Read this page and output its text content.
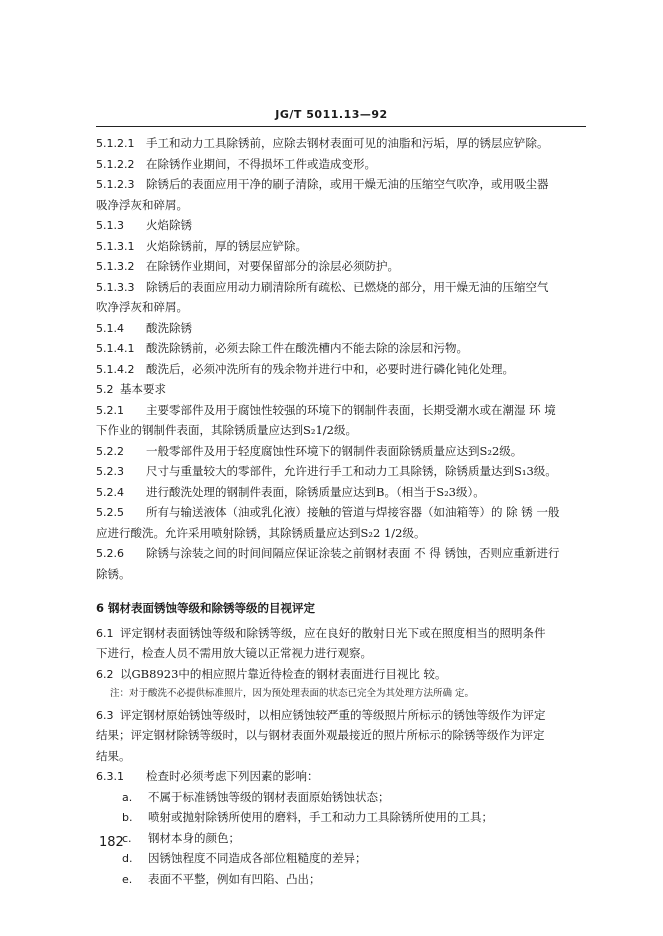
JG/T 5011.13—92
5.1.2.1 手工和动力工具除锈前，应除去钢材表面可见的油脂和污垢，厚的锈层应铲除。
5.1.2.2 在除锈作业期间，不得损坏工件或造成变形。
5.1.2.3 除锈后的表面应用干净的刷子清除，或用干燥无油的压缩空气吹净，或用吸尘器
吸净浮灰和碎屑。
5.1.3 火焰除锈
5.1.3.1 火焰除锈前，厚的锈层应铲除。
5.1.3.2 在除锈作业期间，对要保留部分的涂层必须防护。
5.1.3.3 除锈后的表面应用动力刷清除所有疏松、已燃烧的部分，用干燥无油的压缩空气
吹净浮灰和碎屑。
5.1.4 酸洗除锈
5.1.4.1 酸洗除锈前，必须去除工件在酸洗槽内不能去除的涂层和污物。
5.1.4.2 酸洗后，必须冲洗所有的残余物并进行中和，必要时进行磷化钝化处理。
5.2 基本要求
5.2.1 主要零部件及用于腐蚀性较强的环境下的钢制件表面，长期受潮水或在潮湿 环 境
下作业的钢制件表面，其除锈质量应达到S₂1/2级。
5.2.2 一般零部件及用于轻度腐蚀性环境下的钢制件表面除锈质量应达到S₂2级。
5.2.3 尺寸与重量较大的零部件，允许进行手工和动力工具除锈，除锈质量达到S₁3级。
5.2.4 进行酸洗处理的钢制件表面，除锈质量应达到B。（相当于S₂3级）。
5.2.5 所有与输送液体（油或乳化液）接触的管道与焊接容器（如油箱等）的 除 锈 一般
应进行酸洗。允许采用喷射除锈，其除锈质量应达到S₂2 1/2级。
5.2.6 除锈与涂装之间的时间间隔应保证涂装之前钢材表面 不 得 锈蚀，否则应重新进行
除锈。
6 钢材表面锈蚀等级和除锈等级的目视评定
6.1 评定钢材表面锈蚀等级和除锈等级，应在良好的散射日光下或在照度相当的照明条件
下进行，检查人员不需用放大镜以正常视力进行观察。
6.2 以GB8923中的相应照片靠近待检查的钢材表面进行目视比 较。
注：对于酸洗不必提供标准照片，因为预处理表面的状态已完全为其处理方法所确 定。
6.3 评定钢材原始锈蚀等级时，以相应锈蚀较严重的等级照片所标示的锈蚀等级作为评定
结果；评定钢材除锈等级时，以与钢材表面外观最接近的照片所标示的除锈等级作为评定
结果。
6.3.1 检查时必须考虑下列因素的影响：
a. 不属于标准锈蚀等级的钢材表面原始锈蚀状态；
b. 喷射或抛射除锈所使用的磨料，手工和动力工具除锈所使用的工具；
c. 钢材本身的颜色；
d. 因锈蚀程度不同造成各部位粗糙度的差异；
e. 表面不平整，例如有凹陷、凸出；
182
